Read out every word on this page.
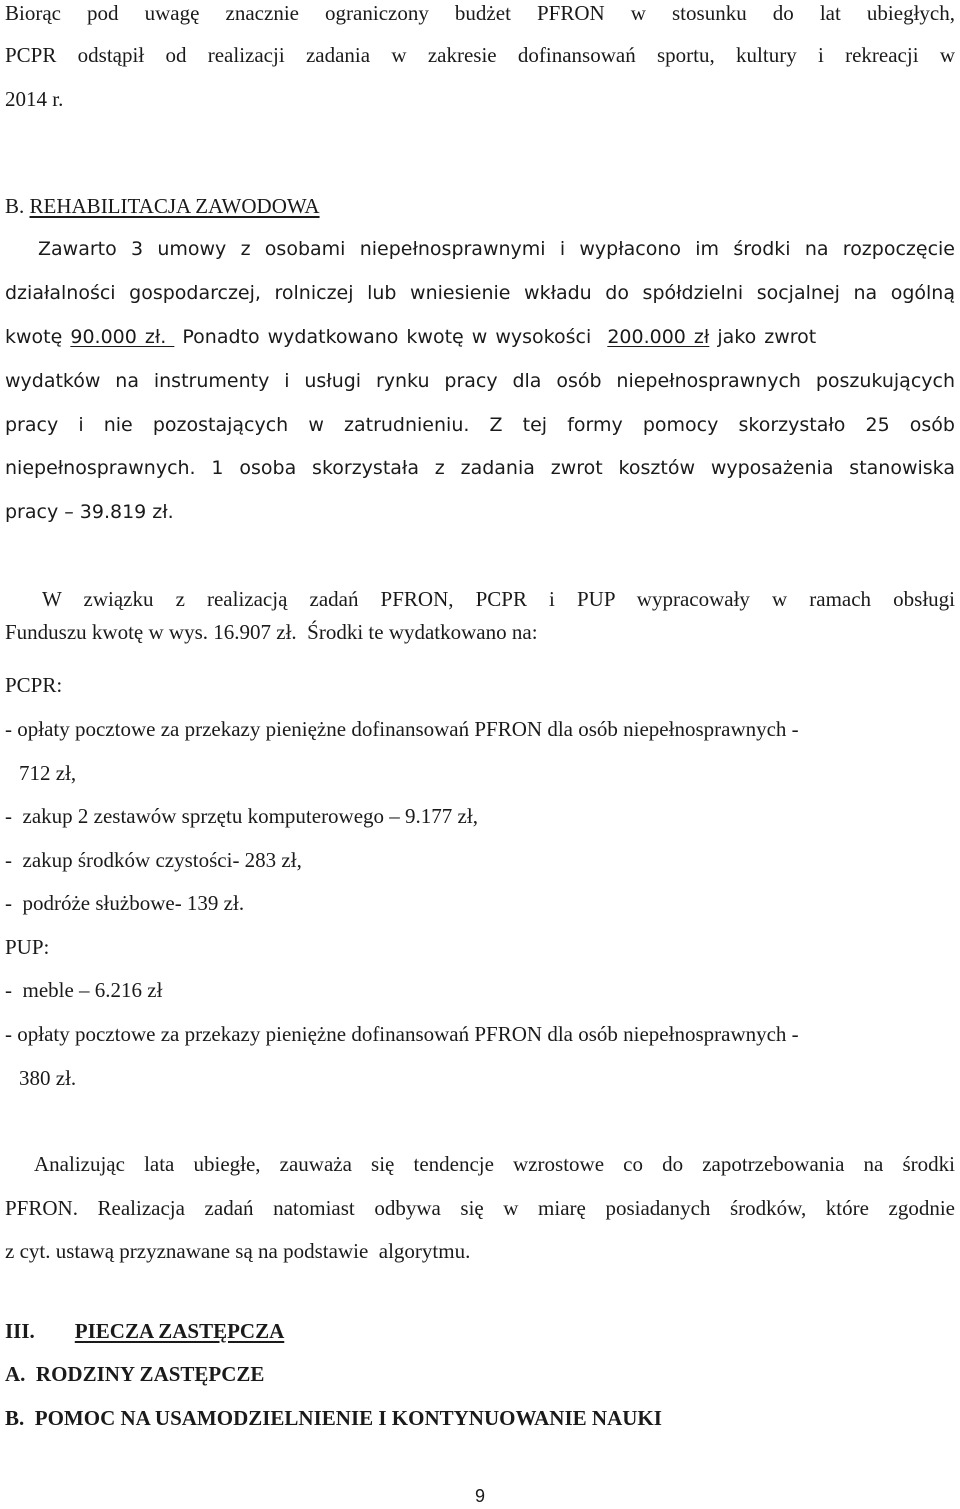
Biorąc pod uwagę znacznie ograniczony budżet PFRON w stosunku do lat ubiegłych,
PCPR odstąpił od realizacji zadania w zakresie dofinansowań sportu, kultury i rekreacji w
2014 r.
B. REHABILITACJA ZAWODOWA
Zawarto 3 umowy z osobami niepełnosprawnymi i wypłacono im środki na rozpoczęcie
działalności gospodarczej, rolniczej lub wniesienie wkładu do spółdzielni socjalnej na ogólną
kwotę 90.000 zł.  Ponadto wydatkowano kwotę w wysokości  200.000 zł jako zwrot
wydatków na instrumenty i usługi rynku pracy dla osób niepełnosprawnych poszukujących
pracy i nie pozostających w zatrudnieniu. Z tej formy pomocy skorzystało 25 osób
niepełnosprawnych. 1 osoba skorzystała z zadania zwrot kosztów wyposażenia stanowiska
pracy – 39.819 zł.
W związku z realizacją zadań PFRON, PCPR i PUP wypracowały w ramach obsługi
Funduszu kwotę w wys. 16.907 zł.  Środki te wydatkowano na:
PCPR:
- opłaty pocztowe za przekazy pieniężne dofinansowań PFRON dla osób niepełnosprawnych -
712 zł,
-  zakup 2 zestawów sprzętu komputerowego – 9.177 zł,
-  zakup środków czystości- 283 zł,
-  podróże służbowe- 139 zł.
PUP:
-  meble – 6.216 zł
- opłaty pocztowe za przekazy pieniężne dofinansowań PFRON dla osób niepełnosprawnych -
380 zł.
Analizując lata ubiegłe, zauważa się tendencje wzrostowe co do zapotrzebowania na środki
PFRON. Realizacja zadań natomiast odbywa się w miarę posiadanych środków, które zgodnie
z cyt. ustawą przyznawane są na podstawie  algorytmu.
III. PIECZA ZASTĘPCZA
A.  RODZINY ZASTĘPCZE
B.  POMOC NA USAMODZIELNIENIE I KONTYNUOWANIE NAUKI
9
